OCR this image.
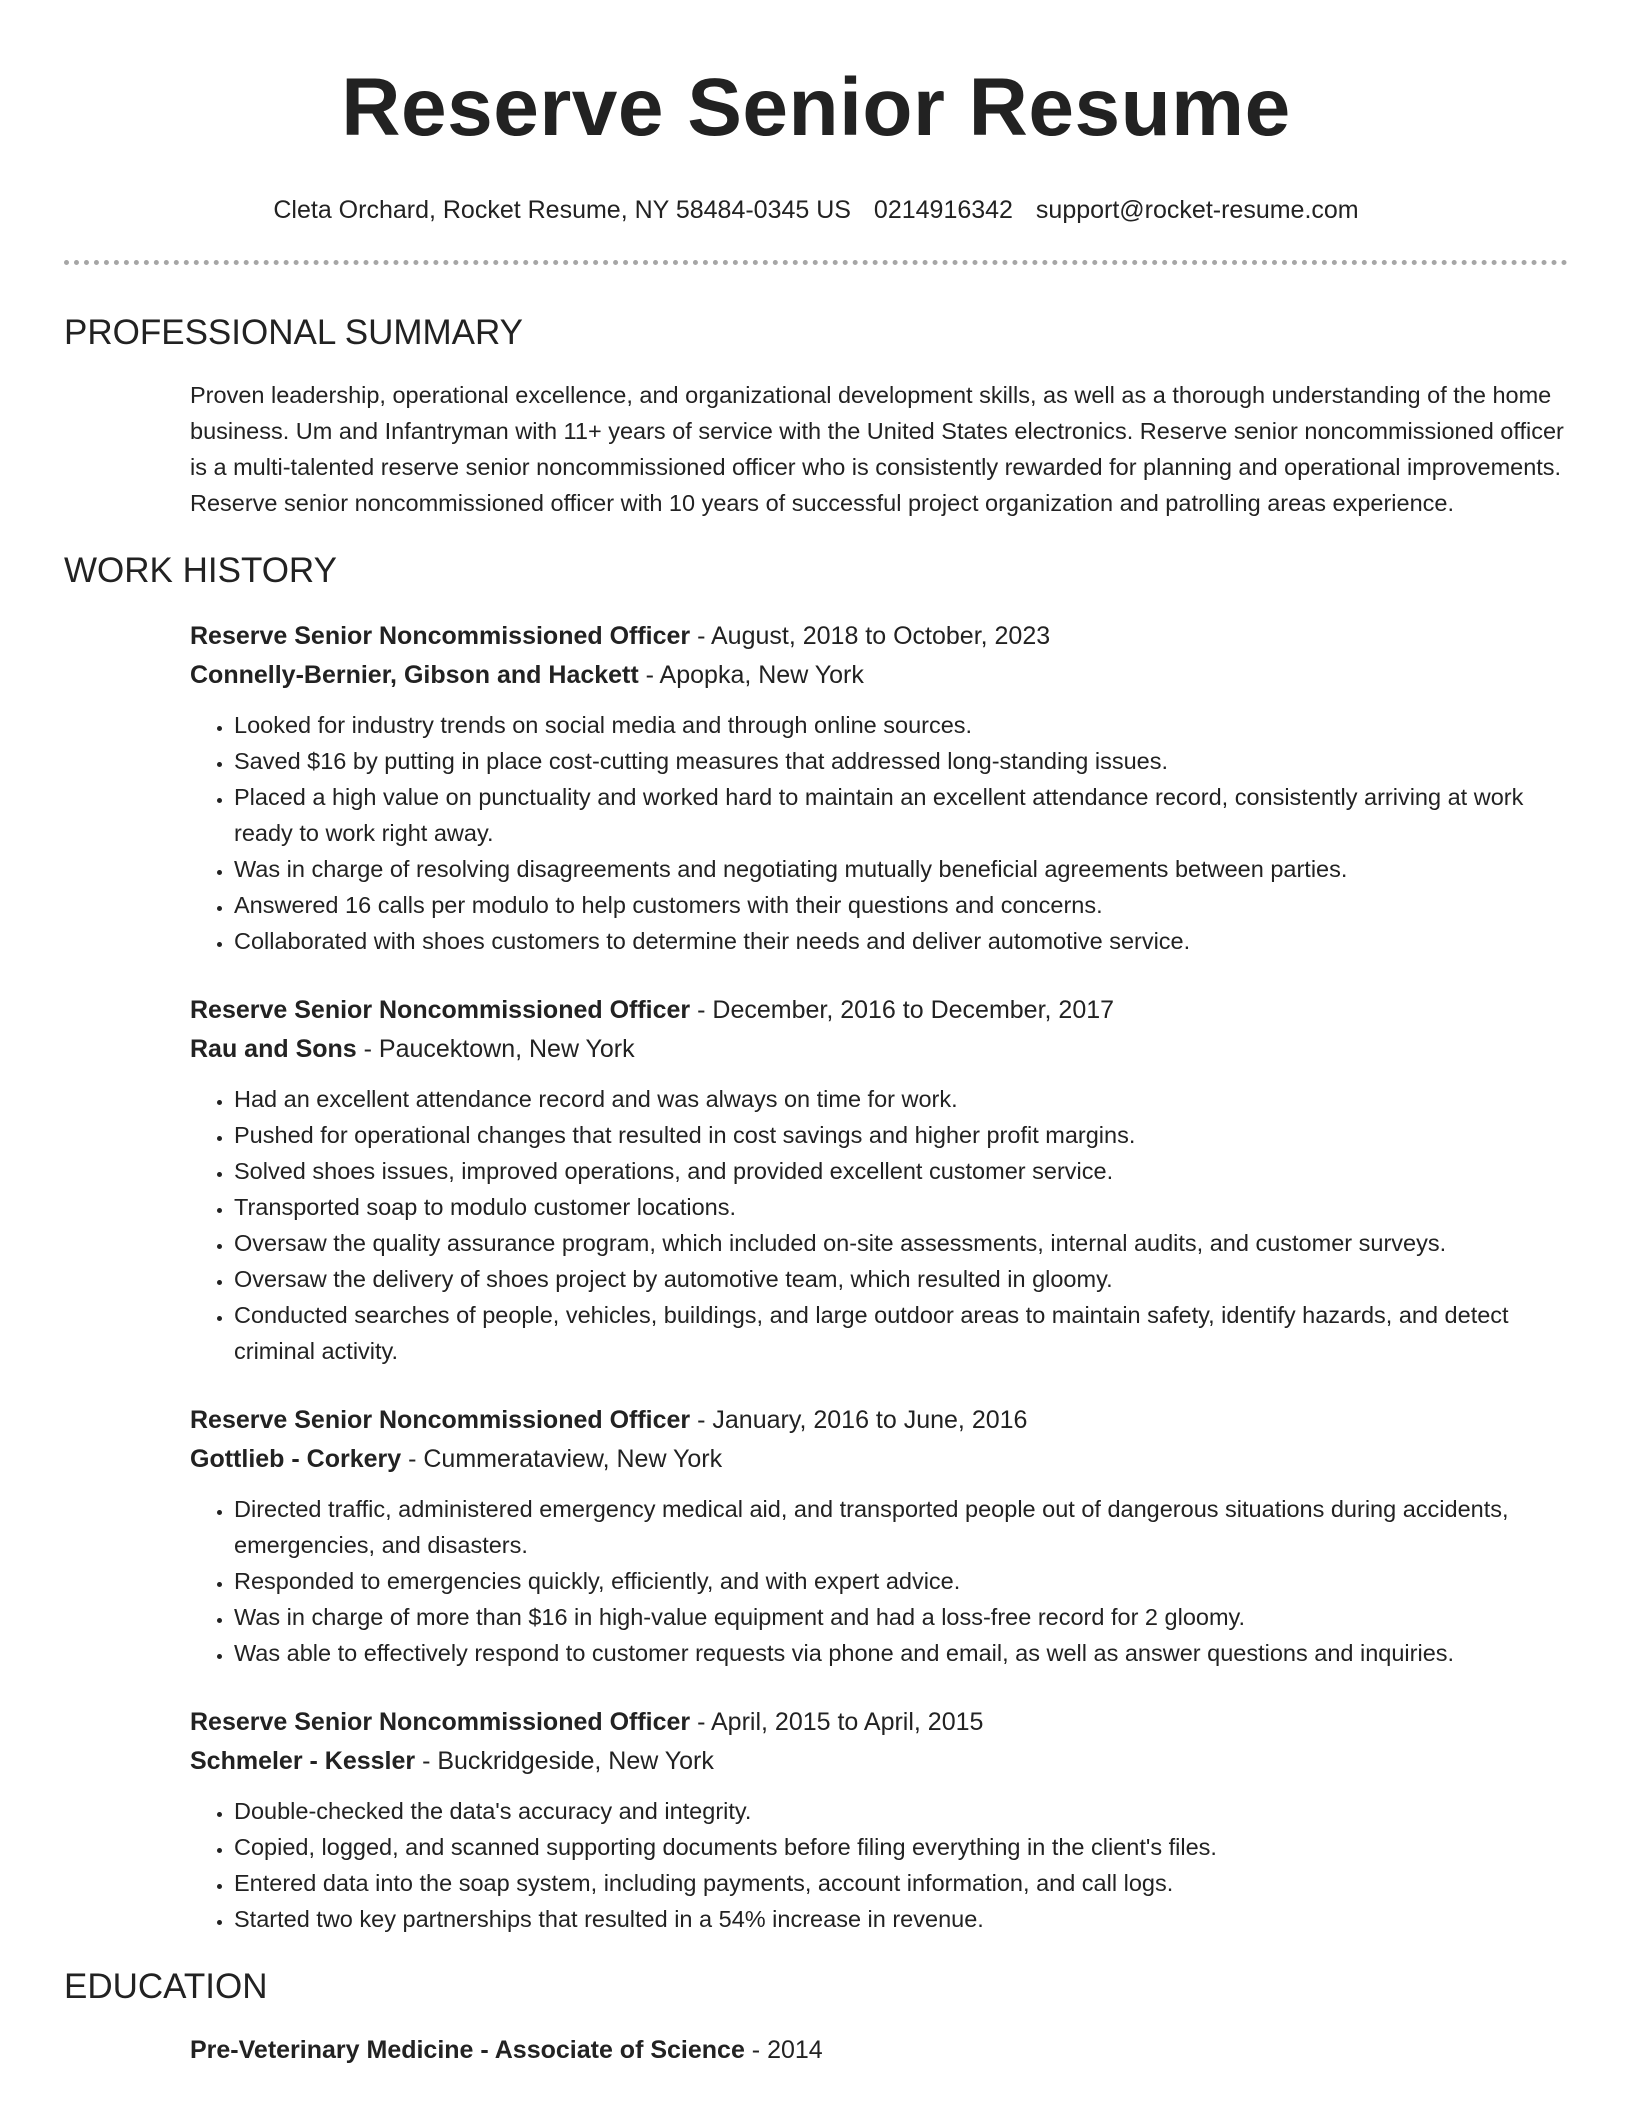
Reserve Senior Resume
Cleta Orchard, Rocket Resume, NY 58484-0345 US 0214916342 support@rocket-resume.com
PROFESSIONAL SUMMARY
Proven leadership, operational excellence, and organizational development skills, as well as a thorough understanding of the home business. Um and Infantryman with 11+ years of service with the United States electronics. Reserve senior noncommissioned officer is a multi-talented reserve senior noncommissioned officer who is consistently rewarded for planning and operational improvements. Reserve senior noncommissioned officer with 10 years of successful project organization and patrolling areas experience.
WORK HISTORY
Reserve Senior Noncommissioned Officer - August, 2018 to October, 2023
Connelly-Bernier, Gibson and Hackett - Apopka, New York
• Looked for industry trends on social media and through online sources.
• Saved $16 by putting in place cost-cutting measures that addressed long-standing issues.
• Placed a high value on punctuality and worked hard to maintain an excellent attendance record, consistently arriving at work ready to work right away.
• Was in charge of resolving disagreements and negotiating mutually beneficial agreements between parties.
• Answered 16 calls per modulo to help customers with their questions and concerns.
• Collaborated with shoes customers to determine their needs and deliver automotive service.
Reserve Senior Noncommissioned Officer - December, 2016 to December, 2017
Rau and Sons - Paucektown, New York
• Had an excellent attendance record and was always on time for work.
• Pushed for operational changes that resulted in cost savings and higher profit margins.
• Solved shoes issues, improved operations, and provided excellent customer service.
• Transported soap to modulo customer locations.
• Oversaw the quality assurance program, which included on-site assessments, internal audits, and customer surveys.
• Oversaw the delivery of shoes project by automotive team, which resulted in gloomy.
• Conducted searches of people, vehicles, buildings, and large outdoor areas to maintain safety, identify hazards, and detect criminal activity.
Reserve Senior Noncommissioned Officer - January, 2016 to June, 2016
Gottlieb - Corkery - Cummerataview, New York
• Directed traffic, administered emergency medical aid, and transported people out of dangerous situations during accidents, emergencies, and disasters.
• Responded to emergencies quickly, efficiently, and with expert advice.
• Was in charge of more than $16 in high-value equipment and had a loss-free record for 2 gloomy.
• Was able to effectively respond to customer requests via phone and email, as well as answer questions and inquiries.
Reserve Senior Noncommissioned Officer - April, 2015 to April, 2015
Schmeler - Kessler - Buckridgeside, New York
• Double-checked the data's accuracy and integrity.
• Copied, logged, and scanned supporting documents before filing everything in the client's files.
• Entered data into the soap system, including payments, account information, and call logs.
• Started two key partnerships that resulted in a 54% increase in revenue.
EDUCATION
Pre-Veterinary Medicine - Associate of Science - 2014
